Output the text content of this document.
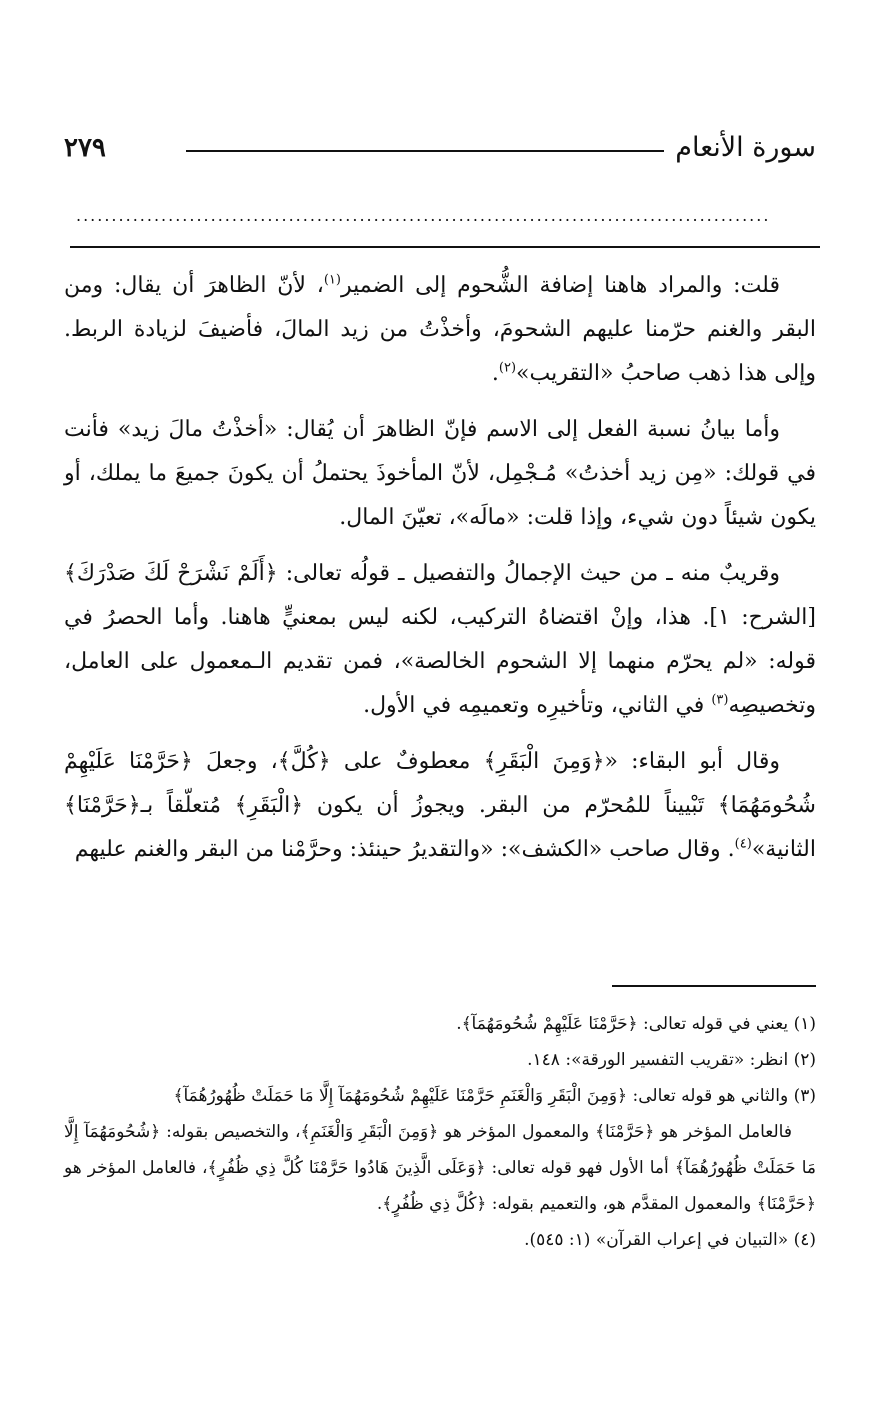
سورة الأنعام
٢٧٩
..................................................................................................

قلت: والمراد هاهنا إضافة الشُّحوم إلى الضمير$^{(١)}$، لأنّ الظاهرَ أن يقال: ومن البقر والغنم حرّمنا عليهم الشحومَ، وأخذْتُ من زيد المالَ، فأضيفَ لزيادة الربط. وإلى هذا ذهب صاحبُ «التقريب»$^{(٢)}$.

وأما بيانُ نسبة الفعل إلى الاسم فإنّ الظاهرَ أن يُقال: «أخذْتُ مالَ زيد» فأنت في قولك: «مِن زيد أخذتُ» مُـجْمِل، لأنّ المأخوذَ يحتملُ أن يكونَ جميعَ ما يملك، أو يكون شيئاً دون شيء، وإذا قلت: «مالَه»، تعيّنَ المال.

وقريبٌ منه ـ من حيث الإجمالُ والتفصيل ـ قولُه تعالى: ﴿أَلَمْ نَشْرَحْ لَكَ صَدْرَكَ﴾ [الشرح: ١]. هذا، وإنْ اقتضاهُ التركيب، لكنه ليس بمعنيٍّ هاهنا. وأما الحصرُ في قوله: «لم يحرّم منهما إلا الشحوم الخالصة»، فمن تقديم الـمعمول على العامل، وتخصيصِه$^{(٣)}$ في الثاني، وتأخيرِه وتعميمِه في الأول.

وقال أبو البقاء: «﴿وَمِنَ الْبَقَرِ﴾ معطوفٌ على ﴿كُلَّ﴾، وجعلَ ﴿حَرَّمْنَا عَلَيْهِمْ شُحُومَهُمَا﴾ تَبْييناً للمُحرّم من البقر. ويجوزُ أن يكون ﴿الْبَقَرِ﴾ مُتعلّقاً بـ﴿حَرَّمْنَا﴾ الثانية»$^{(٤)}$. وقال صاحب «الكشف»: «والتقديرُ حينئذ: وحرَّمْنا من البقر والغنم عليهم

(١) يعني في قوله تعالى: ﴿حَرَّمْنَا عَلَيْهِمْ شُحُومَهُمَآ﴾.

(٢) انظر: «تقريب التفسير الورقة»: ١٤٨.

(٣) والثاني هو قوله تعالى: ﴿وَمِنَ الْبَقَرِ وَالْغَنَمِ حَرَّمْنَا عَلَيْهِمْ شُحُومَهُمَآ إِلَّا مَا حَمَلَتْ ظُهُورُهُمَآ﴾
فالعامل المؤخر هو ﴿حَرَّمْنَا﴾ والمعمول المؤخر هو ﴿وَمِنَ الْبَقَرِ وَالْغَنَمِ﴾، والتخصيص بقوله: ﴿شُحُومَهُمَآ إِلَّا مَا حَمَلَتْ ظُهُورُهُمَآ﴾ أما الأول فهو قوله تعالى: ﴿وَعَلَى الَّذِينَ هَادُوا حَرَّمْنَا كُلَّ ذِي ظُفُرٍ﴾، فالعامل المؤخر هو ﴿حَرَّمْنَا﴾ والمعمول المقدَّم هو، والتعميم بقوله: ﴿كُلَّ ذِي ظُفُرٍ﴾.

(٤) «التبيان في إعراب القرآن» (١: ٥٤٥).
